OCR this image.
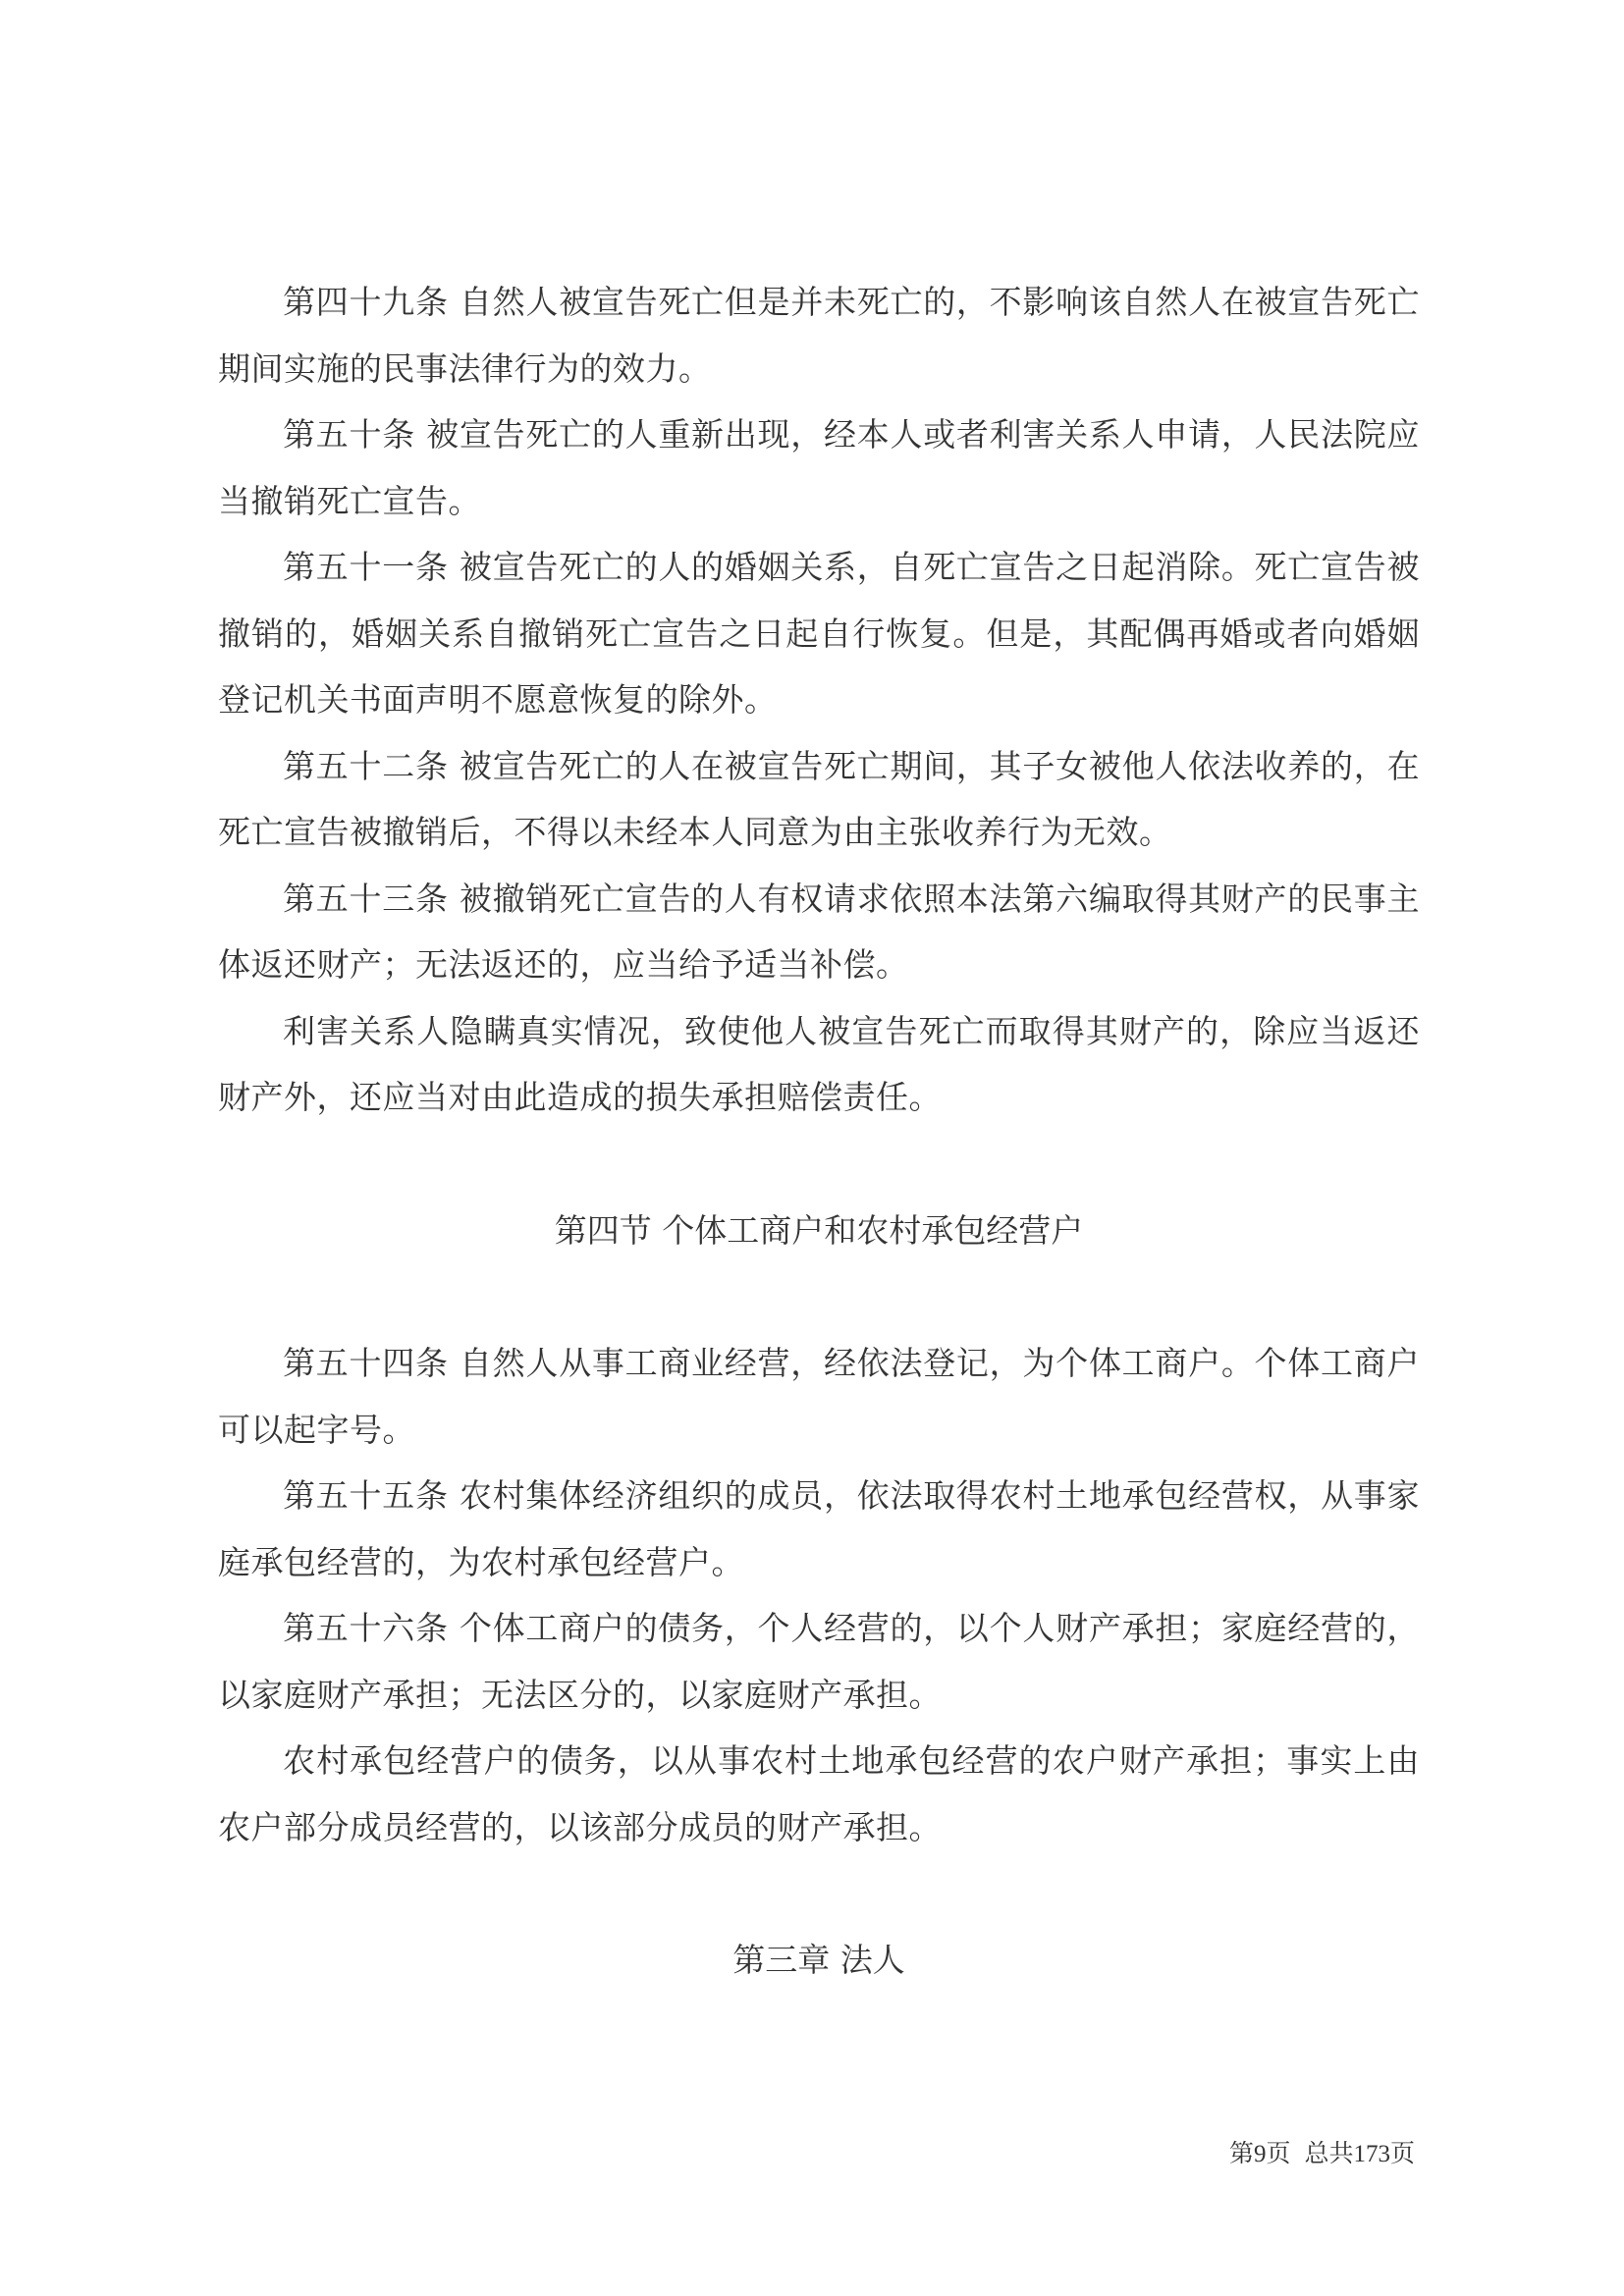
第四十九条 自然人被宣告死亡但是并未死亡的，不影响该自然人在被宣告死亡期间实施的民事法律行为的效力。

第五十条 被宣告死亡的人重新出现，经本人或者利害关系人申请，人民法院应当撤销死亡宣告。

第五十一条 被宣告死亡的人的婚姻关系，自死亡宣告之日起消除。死亡宣告被撤销的，婚姻关系自撤销死亡宣告之日起自行恢复。但是，其配偶再婚或者向婚姻登记机关书面声明不愿意恢复的除外。

第五十二条 被宣告死亡的人在被宣告死亡期间，其子女被他人依法收养的，在死亡宣告被撤销后，不得以未经本人同意为由主张收养行为无效。

第五十三条 被撤销死亡宣告的人有权请求依照本法第六编取得其财产的民事主体返还财产；无法返还的，应当给予适当补偿。

利害关系人隐瞒真实情况，致使他人被宣告死亡而取得其财产的，除应当返还财产外，还应当对由此造成的损失承担赔偿责任。

第四节 个体工商户和农村承包经营户

第五十四条 自然人从事工商业经营，经依法登记，为个体工商户。个体工商户可以起字号。

第五十五条 农村集体经济组织的成员，依法取得农村土地承包经营权，从事家庭承包经营的，为农村承包经营户。

第五十六条 个体工商户的债务，个人经营的，以个人财产承担；家庭经营的，以家庭财产承担；无法区分的，以家庭财产承担。

农村承包经营户的债务，以从事农村土地承包经营的农户财产承担；事实上由农户部分成员经营的，以该部分成员的财产承担。

第三章 法人

第9页 总共173页
